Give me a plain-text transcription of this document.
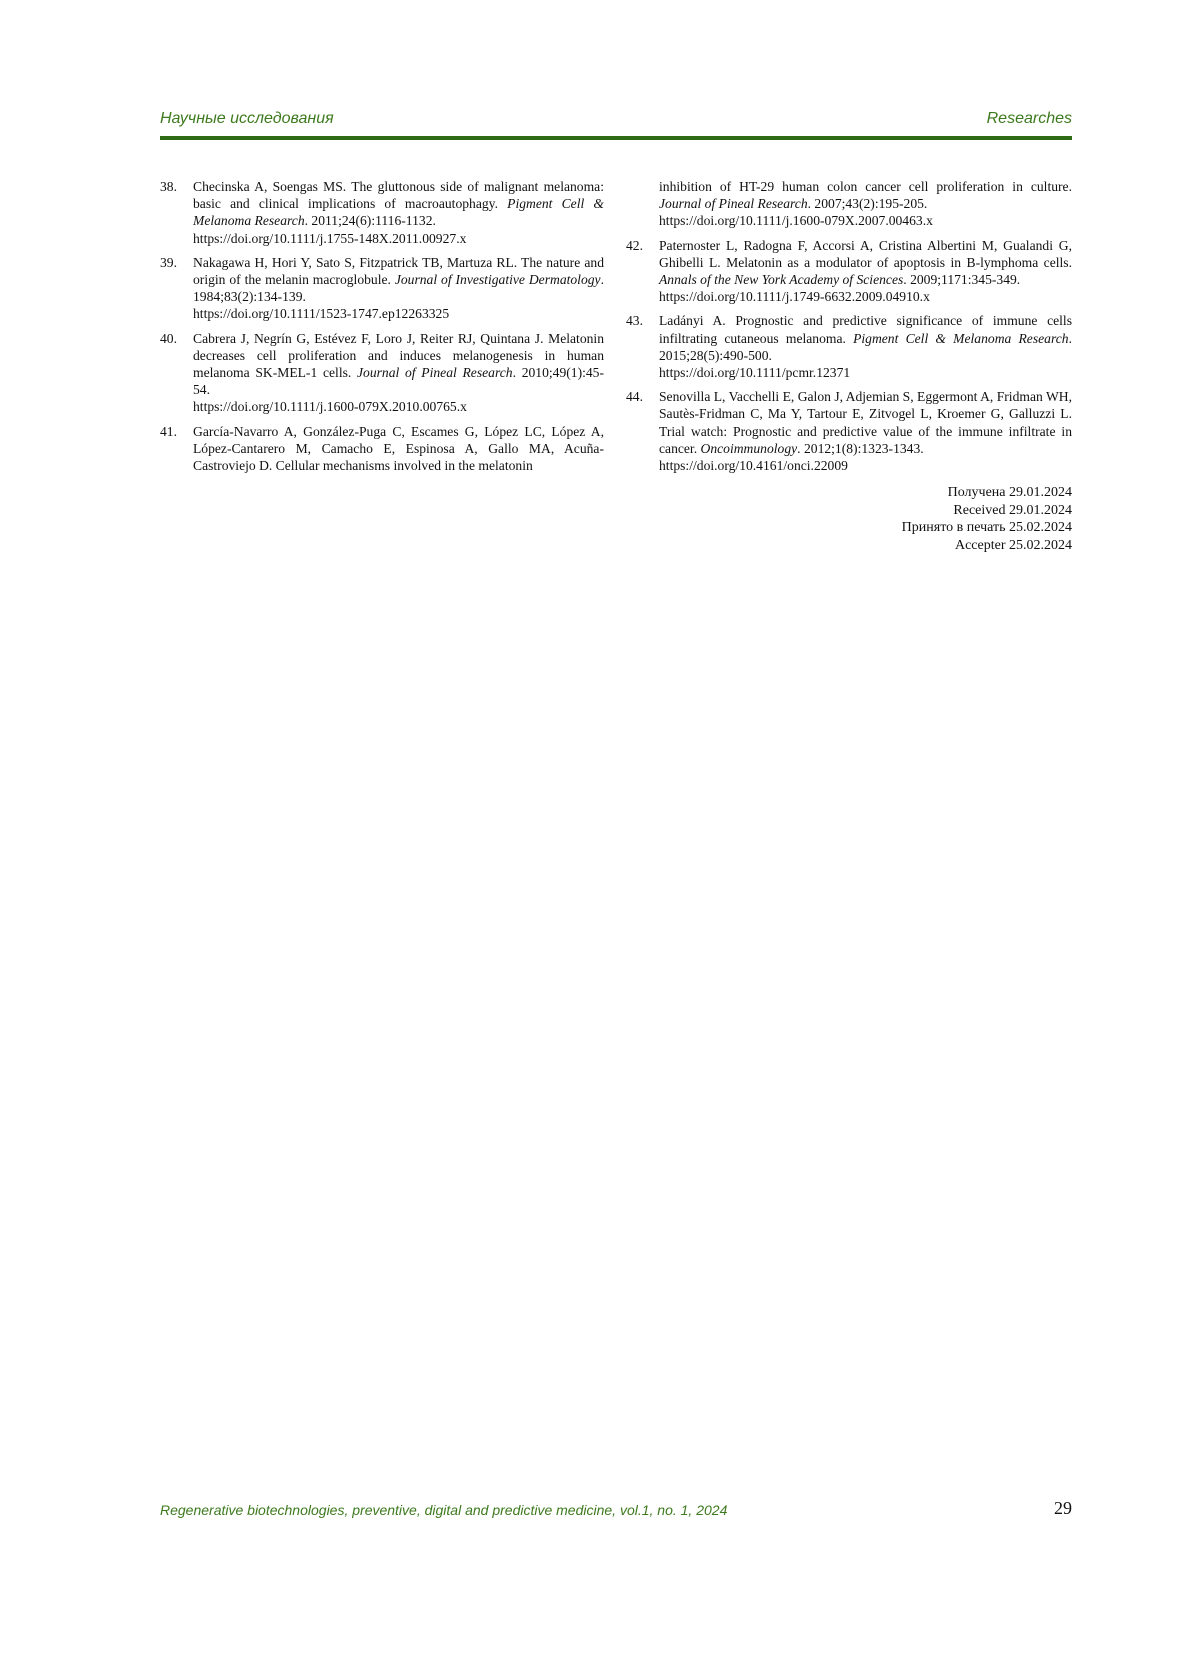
Научные исследования	Researches
38. Checinska A, Soengas MS. The gluttonous side of malignant melanoma: basic and clinical implications of macroautophagy. Pigment Cell & Melanoma Research. 2011;24(6):1116-1132.
https://doi.org/10.1111/j.1755-148X.2011.00927.x
39. Nakagawa H, Hori Y, Sato S, Fitzpatrick TB, Martuza RL. The nature and origin of the melanin macroglobule. Journal of Investigative Dermatology. 1984;83(2):134-139.
https://doi.org/10.1111/1523-1747.ep12263325
40. Cabrera J, Negrín G, Estévez F, Loro J, Reiter RJ, Quintana J. Melatonin decreases cell proliferation and induces melanogenesis in human melanoma SK-MEL-1 cells. Journal of Pineal Research. 2010;49(1):45-54.
https://doi.org/10.1111/j.1600-079X.2010.00765.x
41. García-Navarro A, González-Puga C, Escames G, López LC, López A, López-Cantarero M, Camacho E, Espinosa A, Gallo MA, Acuña-Castroviejo D. Cellular mechanisms involved in the melatonin
inhibition of HT-29 human colon cancer cell proliferation in culture. Journal of Pineal Research. 2007;43(2):195-205.
https://doi.org/10.1111/j.1600-079X.2007.00463.x
42. Paternoster L, Radogna F, Accorsi A, Cristina Albertini M, Gualandi G, Ghibelli L. Melatonin as a modulator of apoptosis in B-lymphoma cells. Annals of the New York Academy of Sciences. 2009;1171:345-349.
https://doi.org/10.1111/j.1749-6632.2009.04910.x
43. Ladányi A. Prognostic and predictive significance of immune cells infiltrating cutaneous melanoma. Pigment Cell & Melanoma Research. 2015;28(5):490-500.
https://doi.org/10.1111/pcmr.12371
44. Senovilla L, Vacchelli E, Galon J, Adjemian S, Eggermont A, Fridman WH, Sautès-Fridman C, Ma Y, Tartour E, Zitvogel L, Kroemer G, Galluzzi L. Trial watch: Prognostic and predictive value of the immune infiltrate in cancer. Oncoimmunology. 2012;1(8):1323-1343.
https://doi.org/10.4161/onci.22009
Получена 29.01.2024
Received 29.01.2024
Принято в печать 25.02.2024
Accepter 25.02.2024
Regenerative biotechnologies, preventive, digital and predictive medicine, vol.1, no. 1, 2024	29
